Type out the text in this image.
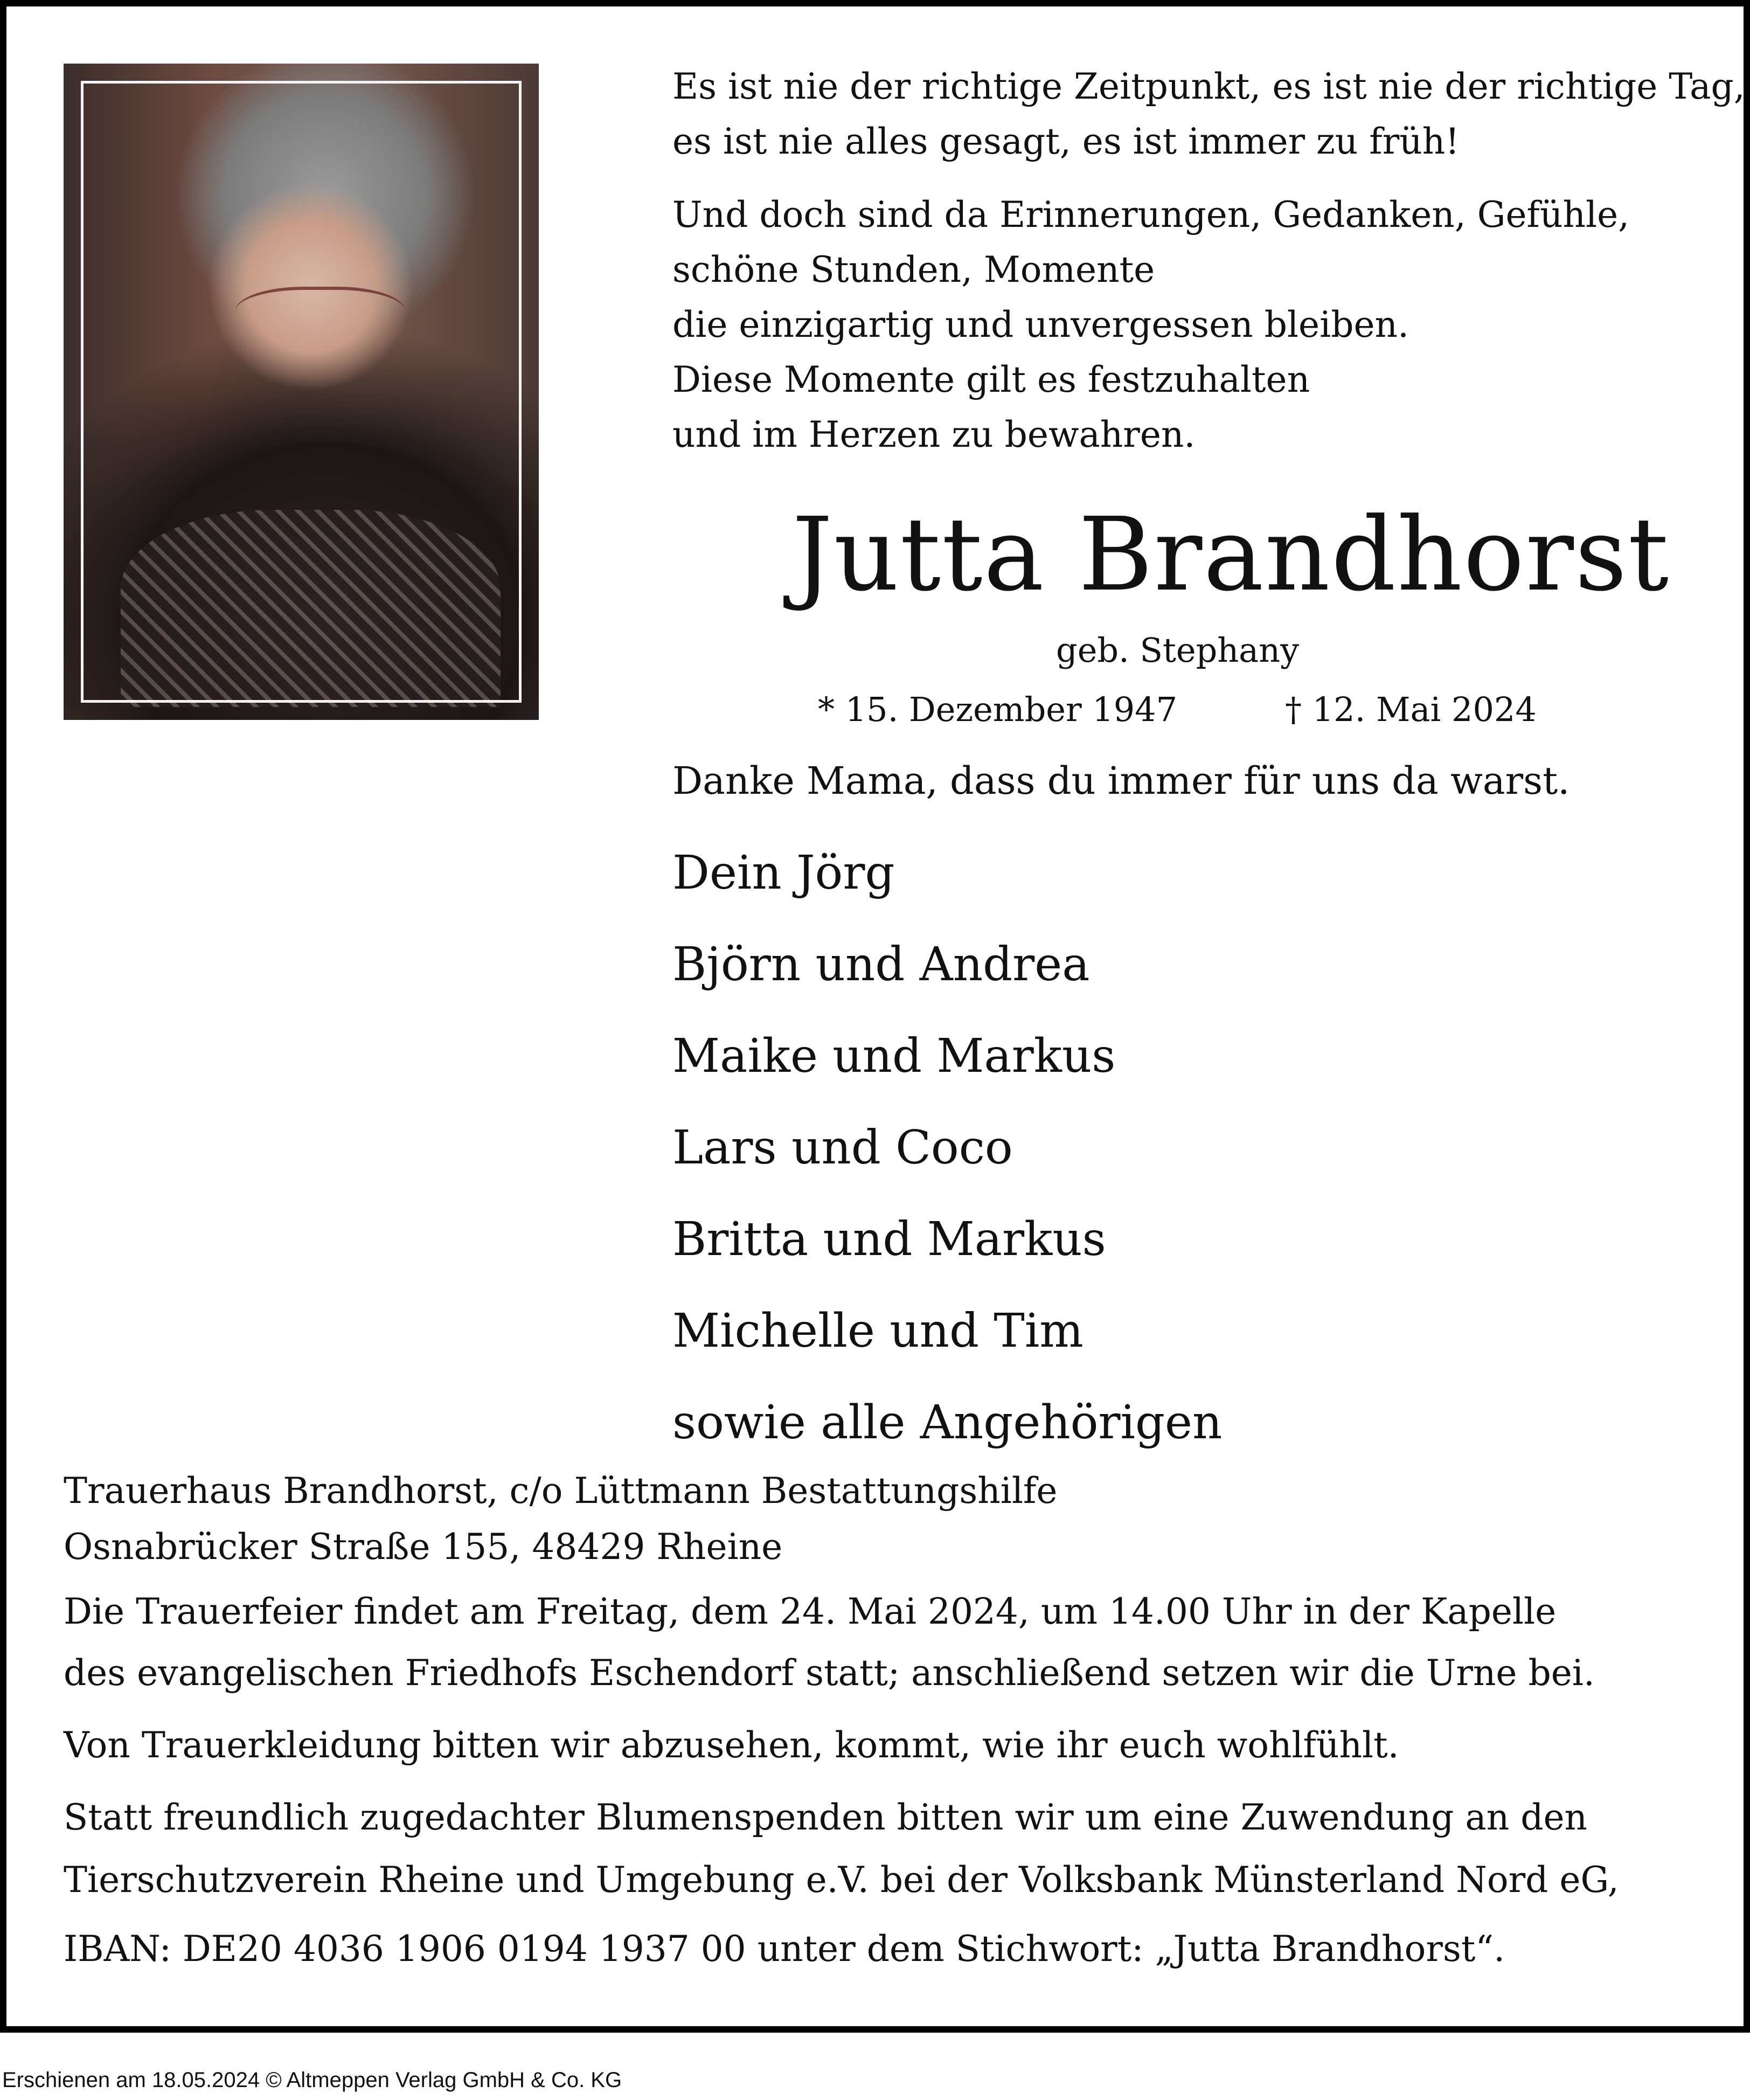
Es ist nie der richtige Zeitpunkt, es ist nie der richtige Tag,
es ist nie alles gesagt, es ist immer zu früh!
Und doch sind da Erinnerungen, Gedanken, Gefühle,
schöne Stunden, Momente
die einzigartig und unvergessen bleiben.
Diese Momente gilt es festzuhalten
und im Herzen zu bewahren.
Jutta Brandhorst
geb. Stephany
* 15. Dezember 1947	† 12. Mai 2024
Danke Mama, dass du immer für uns da warst.
Dein Jörg
Björn und Andrea
Maike und Markus
Lars und Coco
Britta und Markus
Michelle und Tim
sowie alle Angehörigen
Trauerhaus Brandhorst, c/o Lüttmann Bestattungshilfe
Osnabrücker Straße 155, 48429 Rheine
Die Trauerfeier findet am Freitag, dem 24. Mai 2024, um 14.00 Uhr in der Kapelle
des evangelischen Friedhofs Eschendorf statt; anschließend setzen wir die Urne bei.
Von Trauerkleidung bitten wir abzusehen, kommt, wie ihr euch wohlfühlt.
Statt freundlich zugedachter Blumenspenden bitten wir um eine Zuwendung an den
Tierschutzverein Rheine und Umgebung e.V. bei der Volksbank Münsterland Nord eG,
IBAN: DE20 4036 1906 0194 1937 00 unter dem Stichwort: „Jutta Brandhorst“.
Erschienen am 18.05.2024 © Altmeppen Verlag GmbH & Co. KG
